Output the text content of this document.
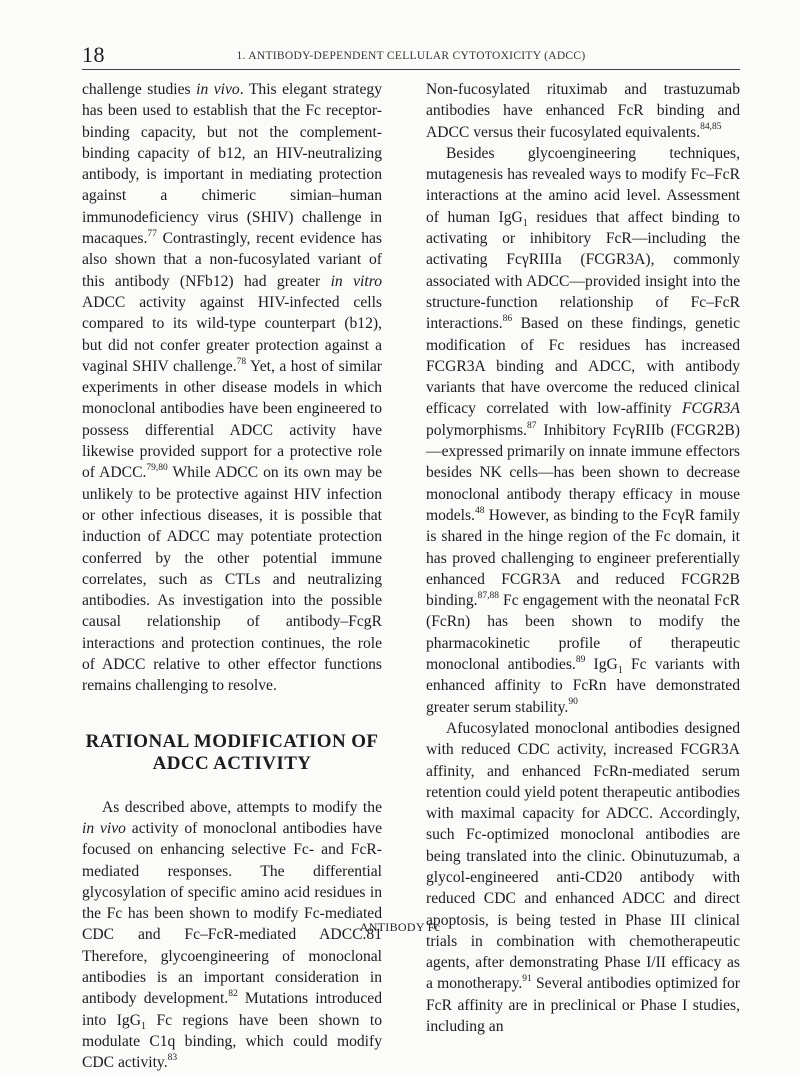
18	1. ANTIBODY-DEPENDENT CELLULAR CYTOTOXICITY (ADCC)

challenge studies in vivo. This elegant strategy has been used to establish that the Fc receptor-binding capacity, but not the complement-binding capacity of b12, an HIV-neutralizing antibody, is important in mediating protection against a chimeric simian–human immunodeficiency virus (SHIV) challenge in macaques.$^{77}$ Contrastingly, recent evidence has also shown that a non-fucosylated variant of this antibody (NFb12) had greater in vitro ADCC activity against HIV-infected cells compared to its wild-type counterpart (b12), but did not confer greater protection against a vaginal SHIV challenge.$^{78}$ Yet, a host of similar experiments in other disease models in which monoclonal antibodies have been engineered to possess differential ADCC activity have likewise provided support for a protective role of ADCC.$^{79,80}$ While ADCC on its own may be unlikely to be protective against HIV infection or other infectious diseases, it is possible that induction of ADCC may potentiate protection conferred by the other potential immune correlates, such as CTLs and neutralizing antibodies. As investigation into the possible causal relationship of antibody–FcgR interactions and protection continues, the role of ADCC relative to other effector functions remains challenging to resolve.

RATIONAL MODIFICATION OF
ADCC ACTIVITY

As described above, attempts to modify the in vivo activity of monoclonal antibodies have focused on enhancing selective Fc- and FcR-mediated responses. The differential glycosylation of specific amino acid residues in the Fc has been shown to modify Fc-mediated CDC and Fc–FcR-mediated ADCC.81 Therefore, glycoengineering of monoclonal antibodies is an important consideration in antibody development.$^{82}$ Mutations introduced into IgG$_1$ Fc regions have been shown to modulate C1q binding, which could modify CDC activity.$^{83}$

Non-fucosylated rituximab and trastuzumab antibodies have enhanced FcR binding and ADCC versus their fucosylated equivalents.$^{84,85}$

Besides glycoengineering techniques, mutagenesis has revealed ways to modify Fc–FcR interactions at the amino acid level. Assessment of human IgG$_1$ residues that affect binding to activating or inhibitory FcR—including the activating FcγRIIIa (FCGR3A), commonly associated with ADCC—provided insight into the structure-function relationship of Fc–FcR interactions.$^{86}$ Based on these findings, genetic modification of Fc residues has increased FCGR3A binding and ADCC, with antibody variants that have overcome the reduced clinical efficacy correlated with low-affinity FCGR3A polymorphisms.$^{87}$ Inhibitory FcγRIIb (FCGR2B)—expressed primarily on innate immune effectors besides NK cells—has been shown to decrease monoclonal antibody therapy efficacy in mouse models.$^{48}$ However, as binding to the FcγR family is shared in the hinge region of the Fc domain, it has proved challenging to engineer preferentially enhanced FCGR3A and reduced FCGR2B binding.$^{87,88}$ Fc engagement with the neonatal FcR (FcRn) has been shown to modify the pharmacokinetic profile of therapeutic monoclonal antibodies.$^{89}$ IgG$_1$ Fc variants with enhanced affinity to FcRn have demonstrated greater serum stability.$^{90}$

Afucosylated monoclonal antibodies designed with reduced CDC activity, increased FCGR3A affinity, and enhanced FcRn-mediated serum retention could yield potent therapeutic antibodies with maximal capacity for ADCC. Accordingly, such Fc-optimized monoclonal antibodies are being translated into the clinic. Obinutuzumab, a glycol-engineered anti-CD20 antibody with reduced CDC and enhanced ADCC and direct apoptosis, is being tested in Phase III clinical trials in combination with chemotherapeutic agents, after demonstrating Phase I/II efficacy as a monotherapy.$^{91}$ Several antibodies optimized for FcR affinity are in preclinical or Phase I studies, including an

ANTIBODY Fc
